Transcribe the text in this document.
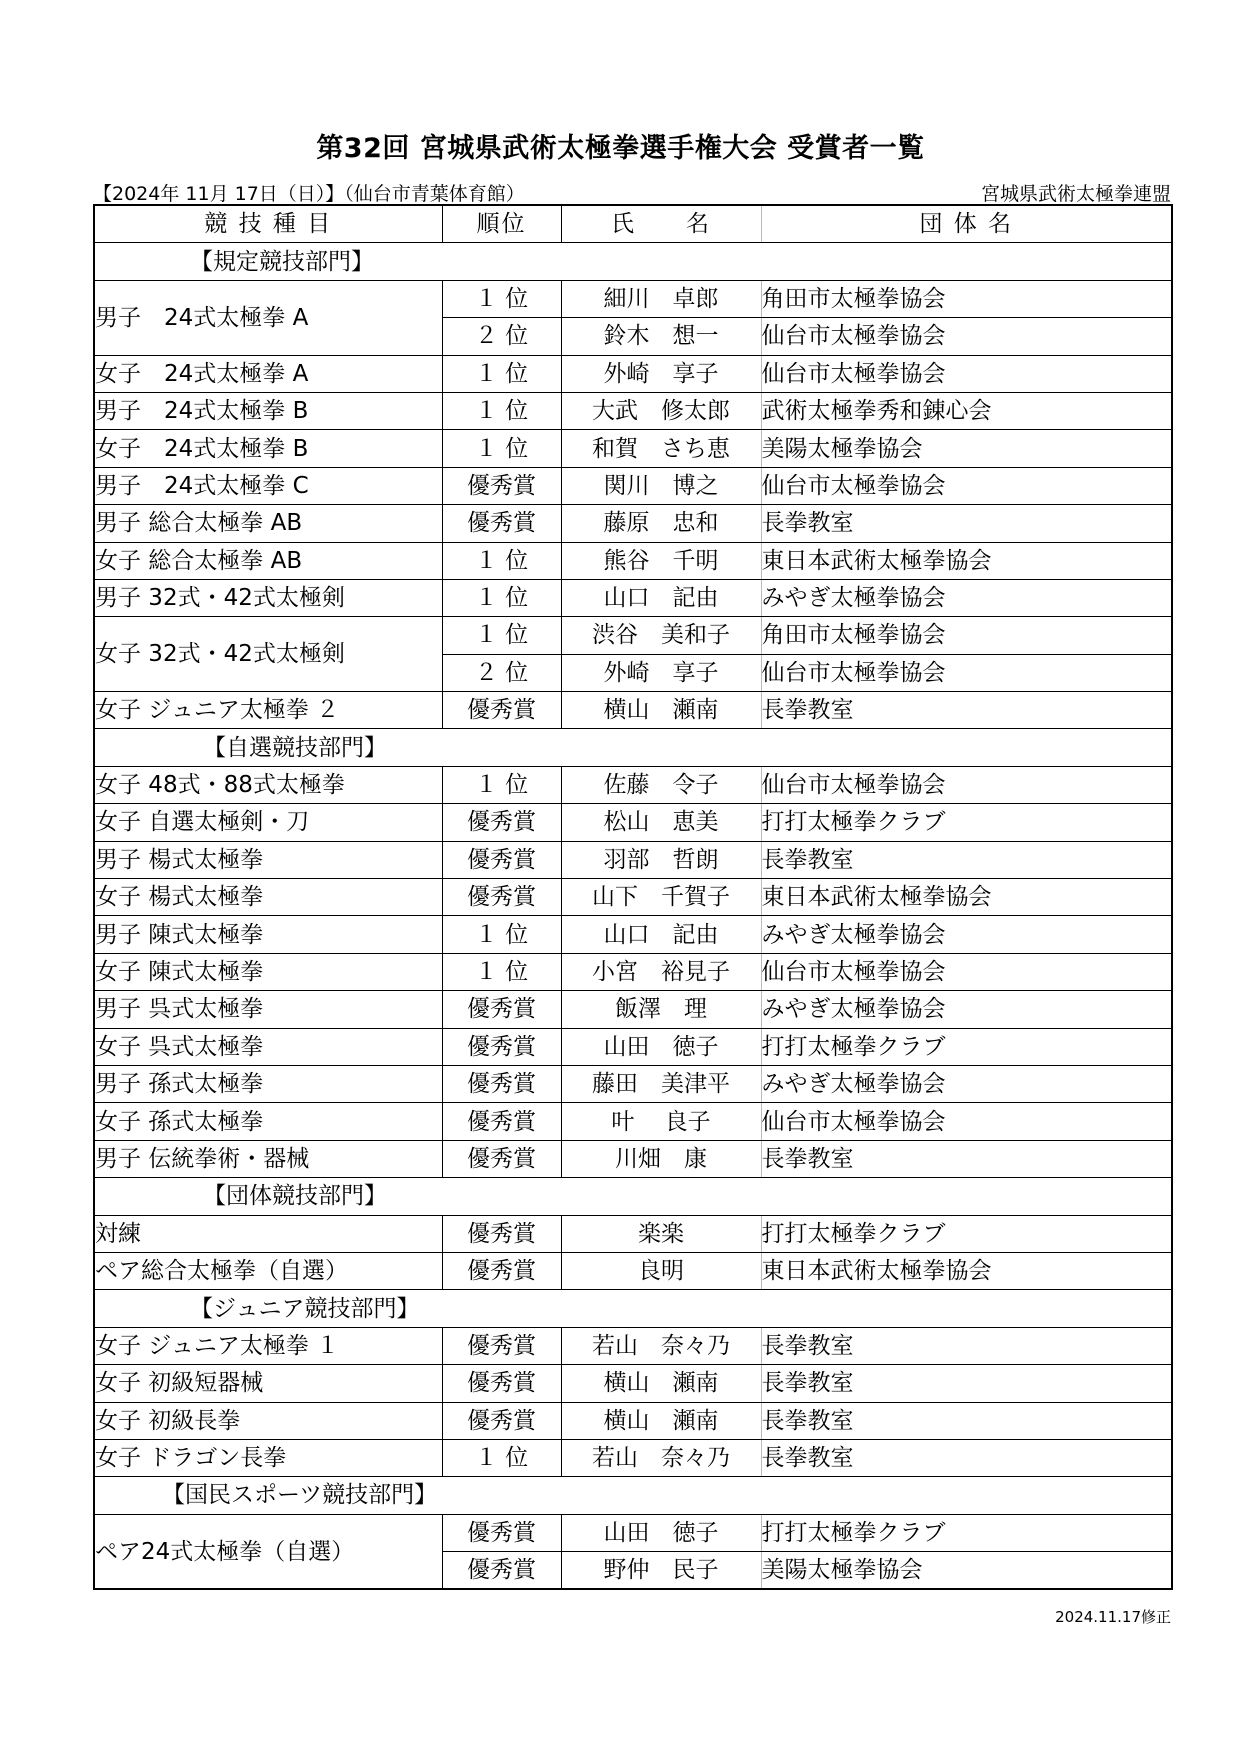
第32回 宮城県武術太極拳選手権大会 受賞者一覧
【2024年 11月 17日（日）】（仙台市青葉体育館）	宮城県武術太極拳連盟
競 技 種 目	順位	氏　　名	団 体 名
【規定競技部門】			
男子　24式太極拳 A	１ 位	細川　卓郎	角田市太極拳協会
	２ 位	鈴木　想一	仙台市太極拳協会
女子　24式太極拳 A	１ 位	外崎　享子	仙台市太極拳協会
男子　24式太極拳 B	１ 位	大武　修太郎	武術太極拳秀和錬心会
女子　24式太極拳 B	１ 位	和賀　さち恵	美陽太極拳協会
男子　24式太極拳 C	優秀賞	関川　博之	仙台市太極拳協会
男子 総合太極拳 AB	優秀賞	藤原　忠和	長拳教室
女子 総合太極拳 AB	１ 位	熊谷　千明	東日本武術太極拳協会
男子 32式・42式太極剣	１ 位	山口　記由	みやぎ太極拳協会
女子 32式・42式太極剣	１ 位	渋谷　美和子	角田市太極拳協会
	２ 位	外崎　享子	仙台市太極拳協会
女子 ジュニア太極拳 ２	優秀賞	横山　瀬南	長拳教室
【自選競技部門】			
女子 48式・88式太極拳	１ 位	佐藤　令子	仙台市太極拳協会
女子 自選太極剣・刀	優秀賞	松山　恵美	打打太極拳クラブ
男子 楊式太極拳	優秀賞	羽部　哲朗	長拳教室
女子 楊式太極拳	優秀賞	山下　千賀子	東日本武術太極拳協会
男子 陳式太極拳	１ 位	山口　記由	みやぎ太極拳協会
女子 陳式太極拳	１ 位	小宮　裕見子	仙台市太極拳協会
男子 呉式太極拳	優秀賞	飯澤　理	みやぎ太極拳協会
女子 呉式太極拳	優秀賞	山田　徳子	打打太極拳クラブ
男子 孫式太極拳	優秀賞	藤田　美津平	みやぎ太極拳協会
女子 孫式太極拳	優秀賞	叶　 良子	仙台市太極拳協会
男子 伝統拳術・器械	優秀賞	川畑　康	長拳教室
【団体競技部門】			
対練	優秀賞	楽楽	打打太極拳クラブ
ペア総合太極拳（自選）	優秀賞	良明	東日本武術太極拳協会
【ジュニア競技部門】			
女子 ジュニア太極拳 １	優秀賞	若山　奈々乃	長拳教室
女子 初級短器械	優秀賞	横山　瀬南	長拳教室
女子 初級長拳	優秀賞	横山　瀬南	長拳教室
女子 ドラゴン長拳	１ 位	若山　奈々乃	長拳教室
【国民スポーツ競技部門】			
ペア24式太極拳（自選）	優秀賞	山田　徳子	打打太極拳クラブ
	優秀賞	野仲　民子	美陽太極拳協会
2024.11.17修正
